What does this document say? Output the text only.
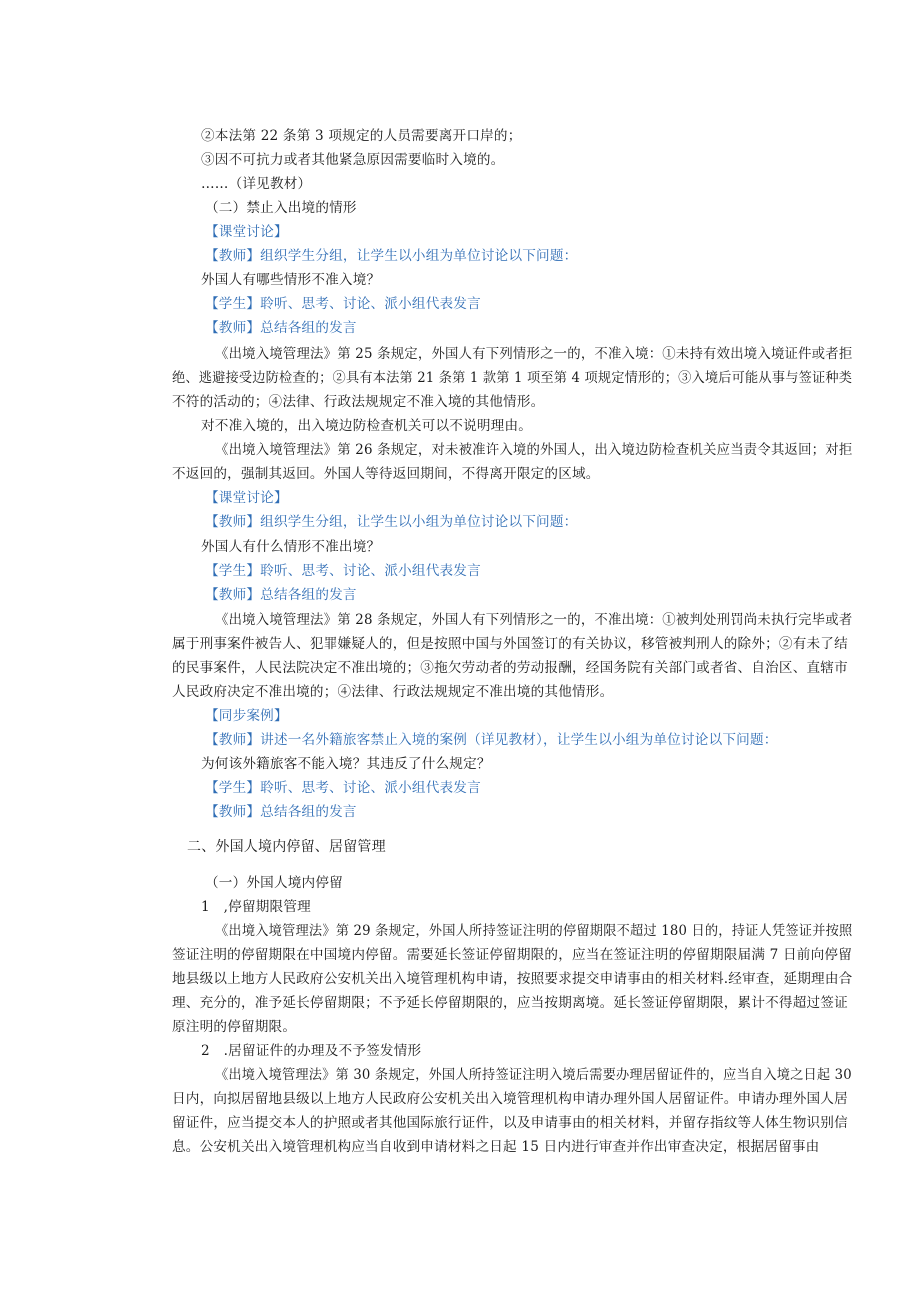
②本法第 22 条第 3 项规定的人员需要离开口岸的；

③因不可抗力或者其他紧急原因需要临时入境的。

……（详见教材）

（二）禁止入出境的情形

【课堂讨论】

【教师】组织学生分组，让学生以小组为单位讨论以下问题：

外国人有哪些情形不准入境？

【学生】聆听、思考、讨论、派小组代表发言

【教师】总结各组的发言

《出境入境管理法》第 25 条规定，外国人有下列情形之一的，不准入境：①未持有效出境入境证件或者拒

绝、逃避接受边防检查的；②具有本法第 21 条第 1 款第 1 项至第 4 项规定情形的；③入境后可能从事与签证种类

不符的活动的；④法律、行政法规规定不准入境的其他情形。

对不准入境的，出入境边防检查机关可以不说明理由。

《出境入境管理法》第 26 条规定，对未被准许入境的外国人，出入境边防检查机关应当责令其返回；对拒

不返回的，强制其返回。外国人等待返回期间，不得离开限定的区域。

【课堂讨论】

【教师】组织学生分组，让学生以小组为单位讨论以下问题：

外国人有什么情形不准出境？

【学生】聆听、思考、讨论、派小组代表发言

【教师】总结各组的发言

《出境入境管理法》第 28 条规定，外国人有下列情形之一的，不准出境：①被判处刑罚尚未执行完毕或者

属于刑事案件被告人、犯罪嫌疑人的，但是按照中国与外国签订的有关协议，移管被判刑人的除外；②有未了结

的民事案件，人民法院决定不准出境的；③拖欠劳动者的劳动报酬，经国务院有关部门或者省、自治区、直辖市

人民政府决定不准出境的；④法律、行政法规规定不准出境的其他情形。

【同步案例】

【教师】讲述一名外籍旅客禁止入境的案例（详见教材），让学生以小组为单位讨论以下问题：

为何该外籍旅客不能入境？其违反了什么规定？

【学生】聆听、思考、讨论、派小组代表发言

【教师】总结各组的发言

二、外国人境内停留、居留管理

（一）外国人境内停留

1　,停留期限管理

《出境入境管理法》第 29 条规定，外国人所持签证注明的停留期限不超过 180 日的，持证人凭签证并按照

签证注明的停留期限在中国境内停留。需要延长签证停留期限的，应当在签证注明的停留期限届满 7 日前向停留

地县级以上地方人民政府公安机关出入境管理机构申请，按照要求提交申请事由的相关材料.经审查，延期理由合

理、充分的，准予延长停留期限；不予延长停留期限的，应当按期离境。延长签证停留期限，累计不得超过签证

原注明的停留期限。

2　.居留证件的办理及不予签发情形

《出境入境管理法》第 30 条规定，外国人所持签证注明入境后需要办理居留证件的，应当自入境之日起 30

日内，向拟居留地县级以上地方人民政府公安机关出入境管理机构申请办理外国人居留证件。申请办理外国人居

留证件，应当提交本人的护照或者其他国际旅行证件，以及申请事由的相关材料，并留存指纹等人体生物识别信

息。公安机关出入境管理机构应当自收到申请材料之日起 15 日内进行审查并作出审查决定，根据居留事由
